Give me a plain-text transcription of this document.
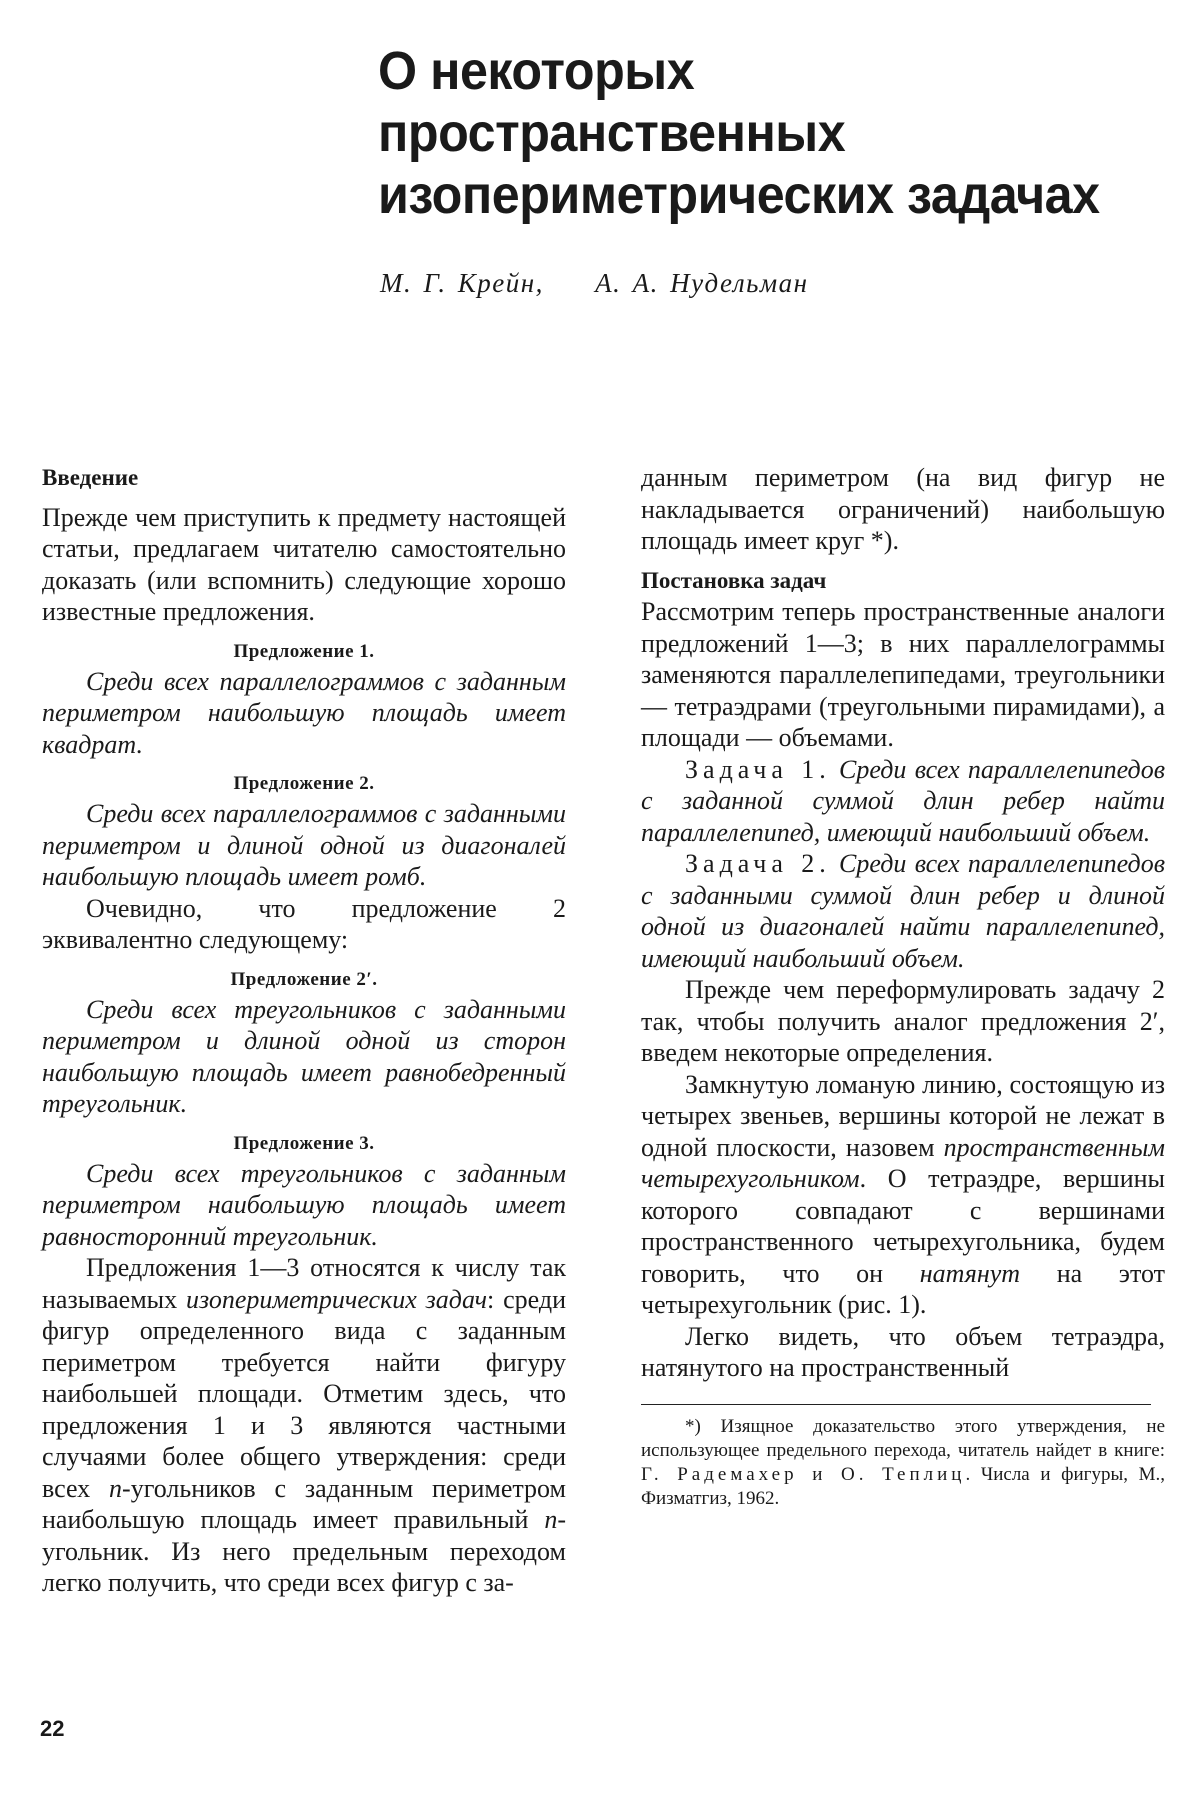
О некоторых
пространственных
изопериметрических задачах
М. Г. Крейн, А. А. Нудельман
Введение

Прежде чем приступить к предмету настоящей статьи, предлагаем читателю самостоятельно доказать (или вспомнить) следующие хорошо известные предложения.

Предложение 1.

Среди всех параллелограммов с заданным периметром наибольшую площадь имеет квадрат.

Предложение 2.

Среди всех параллелограммов с заданными периметром и длиной одной из диагоналей наибольшую площадь имеет ромб.

Очевидно, что предложение 2 эквивалентно следующему:

Предложение 2′.

Среди всех треугольников с заданными периметром и длиной одной из сторон наибольшую площадь имеет равнобедренный треугольник.

Предложение 3.

Среди всех треугольников с заданным периметром наибольшую площадь имеет равносторонний треугольник.

Предложения 1—3 относятся к числу так называемых изопериметрических задач: среди фигур определенного вида с заданным периметром требуется найти фигуру наибольшей площади. Отметим здесь, что предложения 1 и 3 являются частными случаями более общего утверждения: среди всех n-угольников с заданным периметром наибольшую площадь имеет правильный n-угольник. Из него предельным переходом легко получить, что среди всех фигур с за-

данным периметром (на вид фигур не накладывается ограничений) наибольшую площадь имеет круг *).

Постановка задач

Рассмотрим теперь пространственные аналоги предложений 1—3; в них параллелограммы заменяются параллелепипедами, треугольники — тетраэдрами (треугольными пирамидами), а площади — объемами.

Задача 1. Среди всех параллелепипедов с заданной суммой длин ребер найти параллелепипед, имеющий наибольший объем.

Задача 2. Среди всех параллелепипедов с заданными суммой длин ребер и длиной одной из диагоналей найти параллелепипед, имеющий наибольший объем.

Прежде чем переформулировать задачу 2 так, чтобы получить аналог предложения 2′, введем некоторые определения.

Замкнутую ломаную линию, состоящую из четырех звеньев, вершины которой не лежат в одной плоскости, назовем пространственным четырехугольником. О тетраэдре, вершины которого совпадают с вершинами пространственного четырехугольника, будем говорить, что он натянут на этот четырехугольник (рис. 1).

Легко видеть, что объем тетраэдра, натянутого на пространственный

*) Изящное доказательство этого утверждения, не использующее предельного перехода, читатель найдет в книге: Г. Радемахер и О. Теплиц. Числа и фигуры, М., Физматгиз, 1962.

22
